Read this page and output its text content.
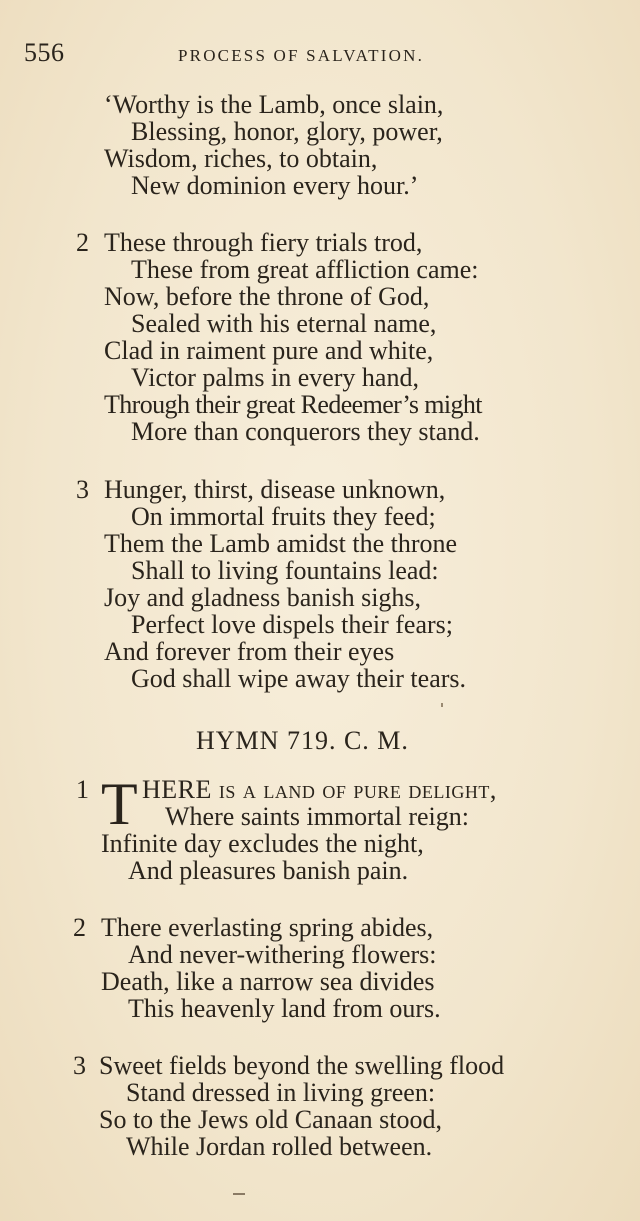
556	PROCESS OF SALVATION.
‘Worthy is the Lamb, once slain,
Blessing, honor, glory, power,
Wisdom, riches, to obtain,
New dominion every hour.’
2 These through fiery trials trod,
These from great affliction came:
Now, before the throne of God,
Sealed with his eternal name,
Clad in raiment pure and white,
Victor palms in every hand,
Through their great Redeemer’s might
More than conquerors they stand.
3 Hunger, thirst, disease unknown,
On immortal fruits they feed;
Them the Lamb amidst the throne
Shall to living fountains lead:
Joy and gladness banish sighs,
Perfect love dispels their fears;
And forever from their eyes
God shall wipe away their tears.
HYMN 719. C. M.
1 T HERE is a land of pure delight,
Where saints immortal reign:
Infinite day excludes the night,
And pleasures banish pain.
2 There everlasting spring abides,
And never-withering flowers:
Death, like a narrow sea divides
This heavenly land from ours.
3 Sweet fields beyond the swelling flood
Stand dressed in living green:
So to the Jews old Canaan stood,
While Jordan rolled between.
